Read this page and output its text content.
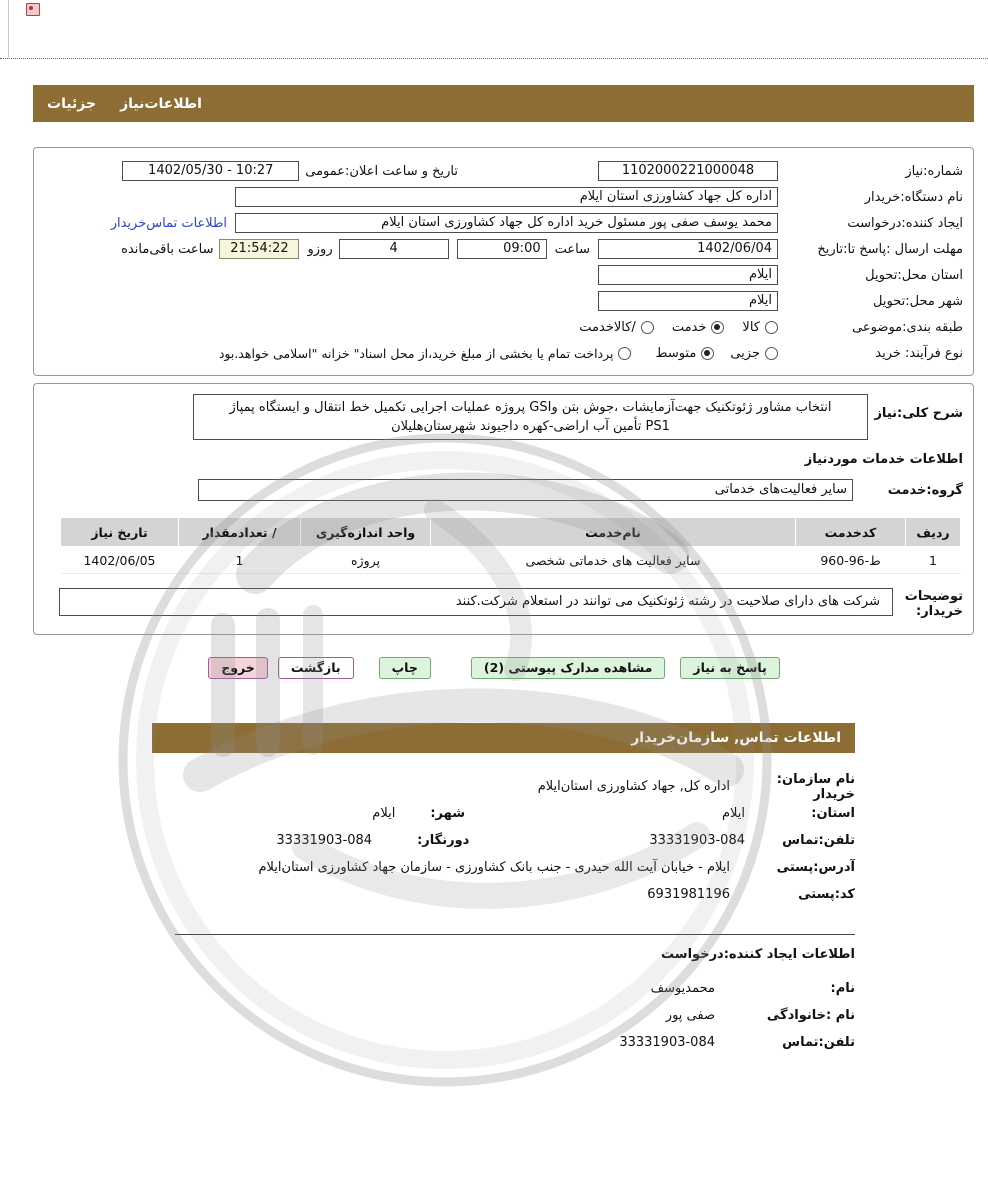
اطلاعات‌نیاز
جزئیات
شماره:نیاز
1102000221000048
تاریخ و ساعت اعلان:عمومی
1402/05/30 - 10:27
نام دستگاه:خریدار
اداره کل جهاد کشاورزی استان ایلام
ایجاد کننده:درخواست
محمد یوسف صفی پور مسئول خرید اداره کل جهاد کشاورزی استان ایلام
اطلاعات تماس‌خریدار
مهلت ارسال :پاسخ تا:تاریخ
1402/06/04
ساعت
09:00
4
روزو
21:54:22
ساعت باقی‌مانده
استان محل:تحویل
ایلام
شهر محل:تحویل
ایلام
طبقه بندی:موضوعی
کالا
خدمت
/کالاخدمت
نوع فرآیند: خرید
جزیی
متوسط
پرداخت تمام یا بخشی از مبلغ خرید،از محل اسناد" خزانه "اسلامی خواهد.بود
شرح کلی:نیاز
انتخاب مشاور ژئوتکنیک جهت‌آزمایشات ،جوش بتن وGSI پروژه عملیات اجرایی تکمیل خط انتقال و ایستگاه پمپاژ
PS1 تأمین آب اراضی-کهره داجیوند شهرستان‌هلیلان
اطلاعات خدمات موردنیاز
گروه:خدمت
سایر فعالیت‌های خدماتی
ردیف	کدخدمت	نام‌خدمت	واحد اندازه‌گیری	/ تعدادمقدار	تاریخ نیاز
1	ط-96-960	سایر فعالیت های خدماتی شخصی	پروژه	1	1402/06/05
توضیحات
خریدار:
شرکت های دارای صلاحیت در رشته ژئوتکنیک می توانند در استعلام شرکت.کنند
پاسخ به نیاز
مشاهده مدارک پیوستی (2)
چاپ
بازگشت
خروج
اطلاعات تماس, سازمان‌خریدار
نام سازمان: خریدار
اداره کل, جهاد کشاورزی استان‌ایلام
استان:
ایلام
شهر:
ایلام
تلفن:تماس
33331903-084
دورنگار:
33331903-084
آدرس:پستی
ایلام - خیابان آیت الله حیدری - جنب بانک کشاورزی - سازمان جهاد کشاورزی استان‌ایلام
کد:پستی
6931981196
اطلاعات ایجاد کننده:درخواست
نام:
محمدیوسف
نام :خانوادگی
صفی پور
تلفن:تماس
33331903-084
